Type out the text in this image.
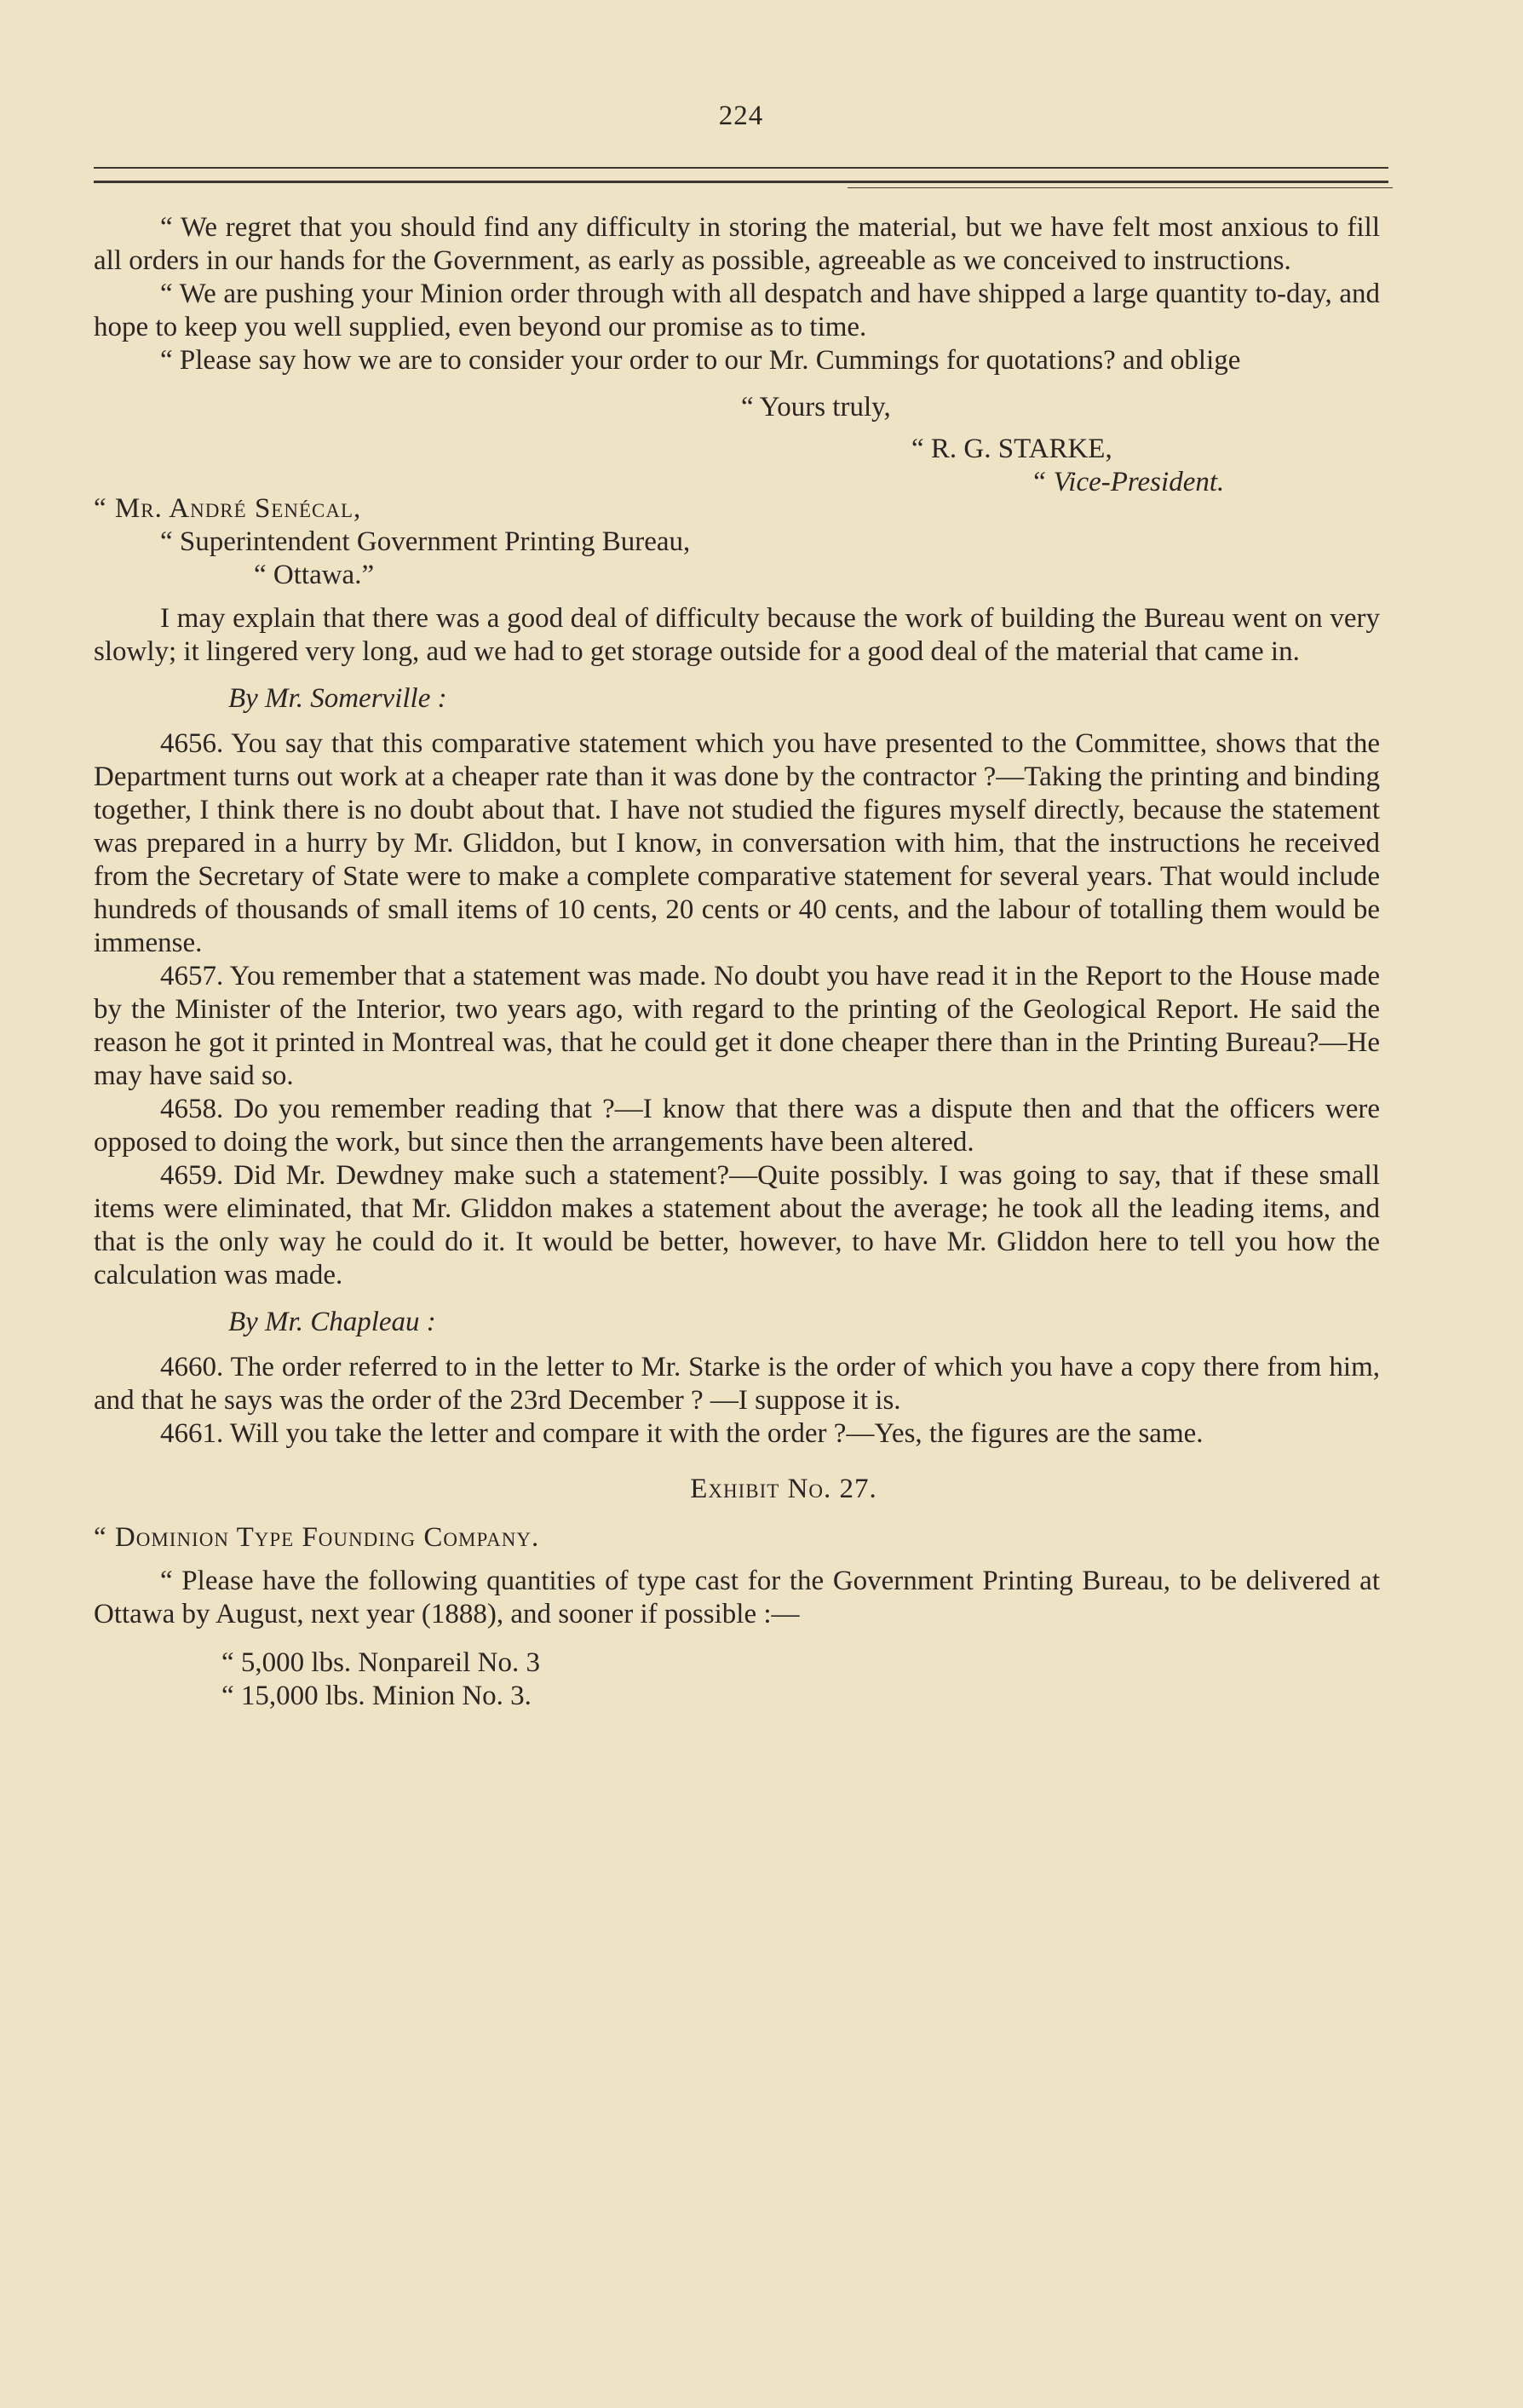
224

“ We regret that you should find any difficulty in storing the material, but we have felt most anxious to fill all orders in our hands for the Government, as early as possible, agreeable as we conceived to instructions.

“ We are pushing your Minion order through with all despatch and have shipped a large quantity to-day, and hope to keep you well supplied, even beyond our promise as to time.

“ Please say how we are to consider your order to our Mr. Cummings for quotations? and oblige

“ Yours truly,

“ R. G. STARKE,

“ Vice-President.

“ Mr. André Senécal,

“ Superintendent Government Printing Bureau,

“ Ottawa.”

I may explain that there was a good deal of difficulty because the work of building the Bureau went on very slowly; it lingered very long, aud we had to get storage outside for a good deal of the material that came in.

By Mr. Somerville :

4656. You say that this comparative statement which you have presented to the Committee, shows that the Department turns out work at a cheaper rate than it was done by the contractor ?—Taking the printing and binding together, I think there is no doubt about that. I have not studied the figures myself directly, because the statement was prepared in a hurry by Mr. Gliddon, but I know, in conversation with him, that the instructions he received from the Secretary of State were to make a complete comparative statement for several years. That would include hundreds of thousands of small items of 10 cents, 20 cents or 40 cents, and the labour of totalling them would be immense.

4657. You remember that a statement was made. No doubt you have read it in the Report to the House made by the Minister of the Interior, two years ago, with regard to the printing of the Geological Report. He said the reason he got it printed in Montreal was, that he could get it done cheaper there than in the Printing Bureau?—He may have said so.

4658. Do you remember reading that ?—I know that there was a dispute then and that the officers were opposed to doing the work, but since then the arrangements have been altered.

4659. Did Mr. Dewdney make such a statement?—Quite possibly. I was going to say, that if these small items were eliminated, that Mr. Gliddon makes a statement about the average; he took all the leading items, and that is the only way he could do it. It would be better, however, to have Mr. Gliddon here to tell you how the calculation was made.

By Mr. Chapleau :

4660. The order referred to in the letter to Mr. Starke is the order of which you have a copy there from him, and that he says was the order of the 23rd December ? —I suppose it is.

4661. Will you take the letter and compare it with the order ?—Yes, the figures are the same.

Exhibit No. 27.

“ Dominion Type Founding Company.

“ Please have the following quantities of type cast for the Government Printing Bureau, to be delivered at Ottawa by August, next year (1888), and sooner if possible :—

“ 5,000 lbs. Nonpareil No. 3

“ 15,000 lbs. Minion No. 3.
